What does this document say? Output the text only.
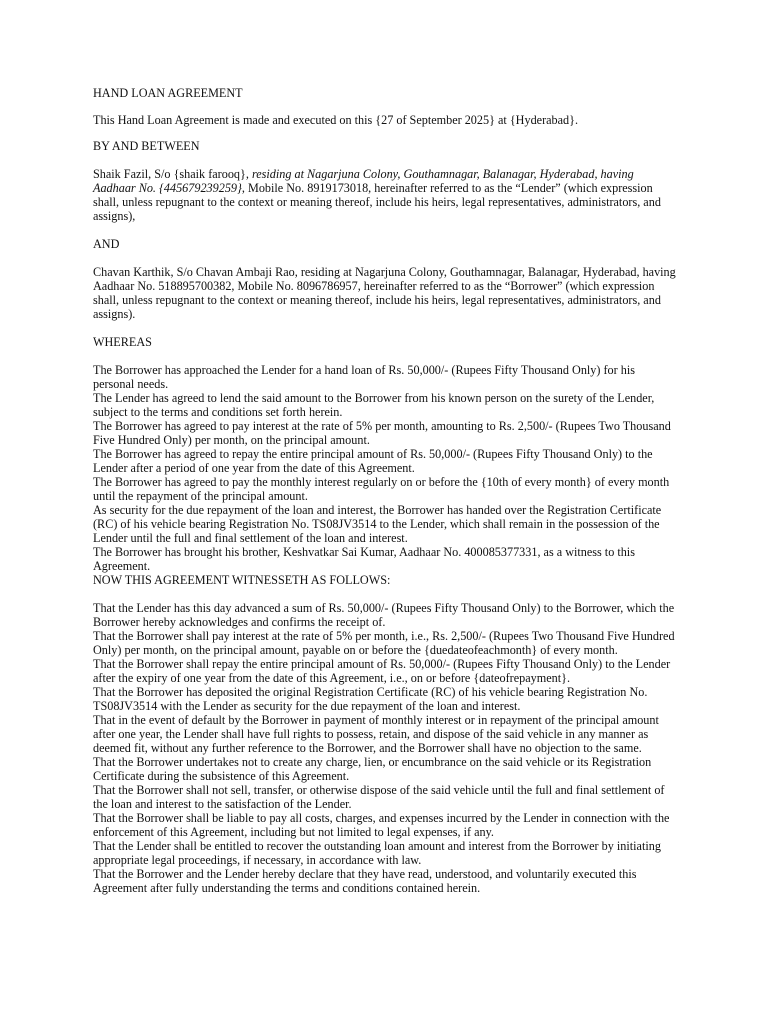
HAND LOAN AGREEMENT

This Hand Loan Agreement is made and executed on this {27 of September 2025} at {Hyderabad}.

BY AND BETWEEN

Shaik Fazil, S/o {shaik farooq}, residing at Nagarjuna Colony, Gouthamnagar, Balanagar, Hyderabad, having Aadhaar No. {445679239259}, Mobile No. 8919173018, hereinafter referred to as the “Lender” (which expression shall, unless repugnant to the context or meaning thereof, include his heirs, legal representatives, administrators, and assigns),

AND

Chavan Karthik, S/o Chavan Ambaji Rao, residing at Nagarjuna Colony, Gouthamnagar, Balanagar, Hyderabad, having Aadhaar No. 518895700382, Mobile No. 8096786957, hereinafter referred to as the “Borrower” (which expression shall, unless repugnant to the context or meaning thereof, include his heirs, legal representatives, administrators, and assigns).

WHEREAS

The Borrower has approached the Lender for a hand loan of Rs. 50,000/- (Rupees Fifty Thousand Only) for his personal needs.

The Lender has agreed to lend the said amount to the Borrower from his known person on the surety of the Lender, subject to the terms and conditions set forth herein.

The Borrower has agreed to pay interest at the rate of 5% per month, amounting to Rs. 2,500/- (Rupees Two Thousand Five Hundred Only) per month, on the principal amount.

The Borrower has agreed to repay the entire principal amount of Rs. 50,000/- (Rupees Fifty Thousand Only) to the Lender after a period of one year from the date of this Agreement.

The Borrower has agreed to pay the monthly interest regularly on or before the {10th of every month} of every month until the repayment of the principal amount.

As security for the due repayment of the loan and interest, the Borrower has handed over the Registration Certificate (RC) of his vehicle bearing Registration No. TS08JV3514 to the Lender, which shall remain in the possession of the Lender until the full and final settlement of the loan and interest.

The Borrower has brought his brother, Keshvatkar Sai Kumar, Aadhaar No. 400085377331, as a witness to this Agreement.

NOW THIS AGREEMENT WITNESSETH AS FOLLOWS:

That the Lender has this day advanced a sum of Rs. 50,000/- (Rupees Fifty Thousand Only) to the Borrower, which the Borrower hereby acknowledges and confirms the receipt of.

That the Borrower shall pay interest at the rate of 5% per month, i.e., Rs. 2,500/- (Rupees Two Thousand Five Hundred Only) per month, on the principal amount, payable on or before the {duedateofeachmonth} of every month.

That the Borrower shall repay the entire principal amount of Rs. 50,000/- (Rupees Fifty Thousand Only) to the Lender after the expiry of one year from the date of this Agreement, i.e., on or before {dateofrepayment}.

That the Borrower has deposited the original Registration Certificate (RC) of his vehicle bearing Registration No. TS08JV3514 with the Lender as security for the due repayment of the loan and interest.

That in the event of default by the Borrower in payment of monthly interest or in repayment of the principal amount after one year, the Lender shall have full rights to possess, retain, and dispose of the said vehicle in any manner as deemed fit, without any further reference to the Borrower, and the Borrower shall have no objection to the same.

That the Borrower undertakes not to create any charge, lien, or encumbrance on the said vehicle or its Registration Certificate during the subsistence of this Agreement.

That the Borrower shall not sell, transfer, or otherwise dispose of the said vehicle until the full and final settlement of the loan and interest to the satisfaction of the Lender.

That the Borrower shall be liable to pay all costs, charges, and expenses incurred by the Lender in connection with the enforcement of this Agreement, including but not limited to legal expenses, if any.

That the Lender shall be entitled to recover the outstanding loan amount and interest from the Borrower by initiating appropriate legal proceedings, if necessary, in accordance with law.

That the Borrower and the Lender hereby declare that they have read, understood, and voluntarily executed this Agreement after fully understanding the terms and conditions contained herein.
